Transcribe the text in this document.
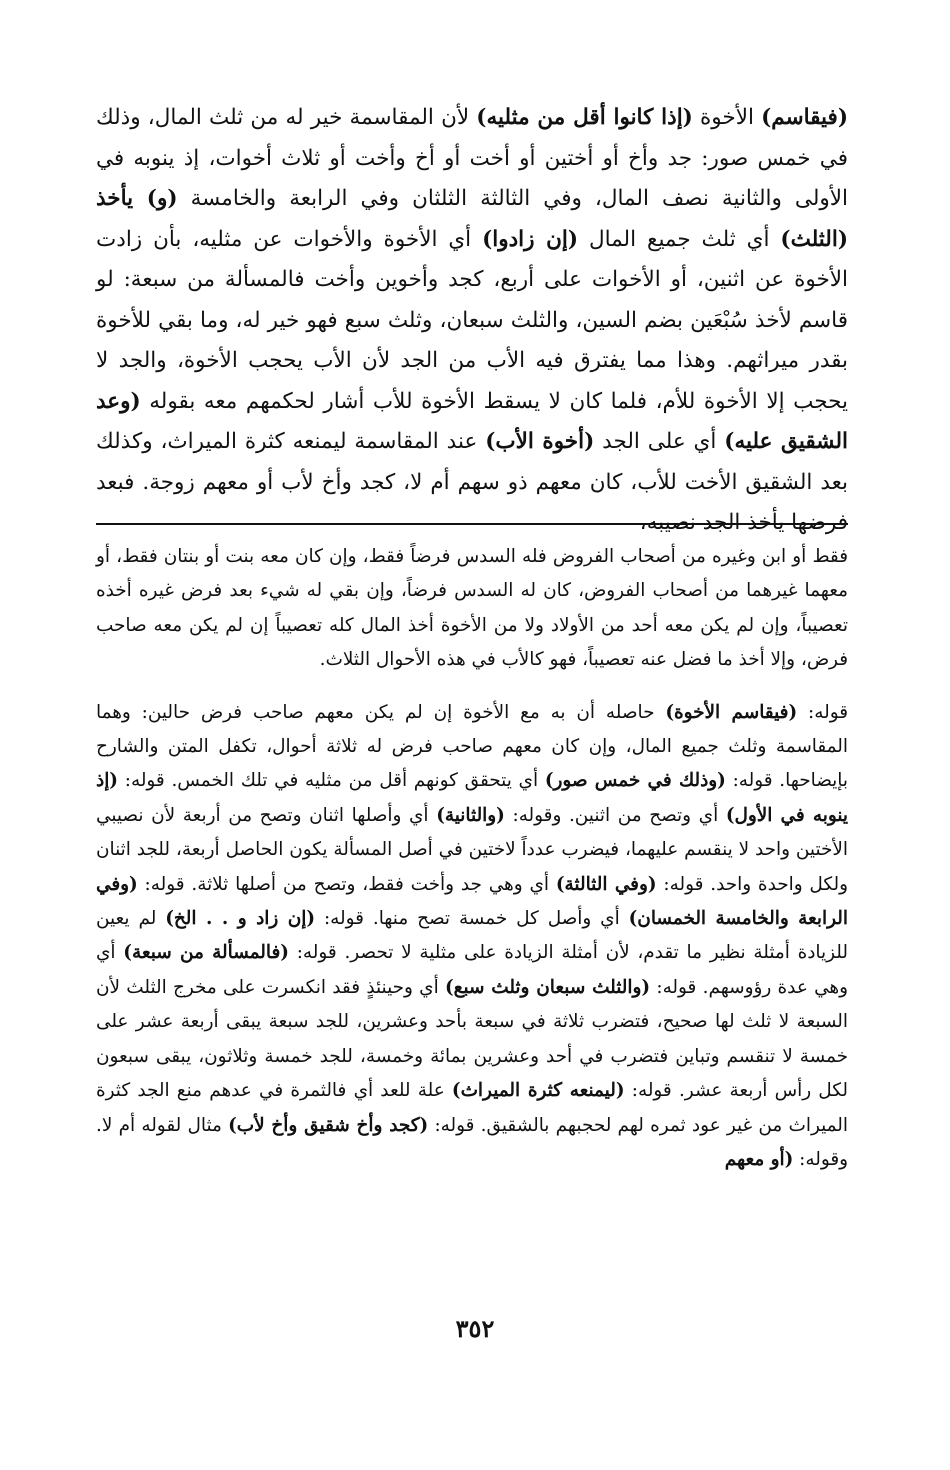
(فيقاسم) الأخوة (إذا كانوا أقل من مثليه) لأن المقاسمة خير له من ثلث المال، وذلك في خمس صور: جد وأخ أو أختين أو أخت أو أخ وأخت أو ثلاث أخوات، إذ ينوبه في الأولى والثانية نصف المال، وفي الثالثة الثلثان وفي الرابعة والخامسة (و) يأخذ (الثلث) أي ثلث جميع المال (إن زادوا) أي الأخوة والأخوات عن مثليه، بأن زادت الأخوة عن اثنين، أو الأخوات على أربع، كجد وأخوين وأخت فالمسألة من سبعة: لو قاسم لأخذ سُبْعَين بضم السين، والثلث سبعان، وثلث سبع فهو خير له، وما بقي للأخوة بقدر ميراثهم. وهذا مما يفترق فيه الأب من الجد لأن الأب يحجب الأخوة، والجد لا يحجب إلا الأخوة للأم، فلما كان لا يسقط الأخوة للأب أشار لحكمهم معه بقوله (وعد الشقيق عليه) أي على الجد (أخوة الأب) عند المقاسمة ليمنعه كثرة الميراث، وكذلك بعد الشقيق الأخت للأب، كان معهم ذو سهم أم لا، كجد وأخ لأب أو معهم زوجة. فبعد فرضها يأخذ الجد نصيبه،

فقط أو ابن وغيره من أصحاب الفروض فله السدس فرضاً فقط، وإن كان معه بنت أو بنتان فقط، أو معهما غيرهما من أصحاب الفروض، كان له السدس فرضاً، وإن بقي له شيء بعد فرض غيره أخذه تعصيباً، وإن لم يكن معه أحد من الأولاد ولا من الأخوة أخذ المال كله تعصيباً إن لم يكن معه صاحب فرض، وإلا أخذ ما فضل عنه تعصيباً، فهو كالأب في هذه الأحوال الثلاث.

قوله: (فيقاسم الأخوة) حاصله أن به مع الأخوة إن لم يكن معهم صاحب فرض حالين: وهما المقاسمة وثلث جميع المال، وإن كان معهم صاحب فرض له ثلاثة أحوال، تكفل المتن والشارح بإيضاحها. قوله: (وذلك في خمس صور) أي يتحقق كونهم أقل من مثليه في تلك الخمس. قوله: (إذ ينوبه في الأول) أي وتصح من اثنين. وقوله: (والثانية) أي وأصلها اثنان وتصح من أربعة لأن نصيبي الأختين واحد لا ينقسم عليهما، فيضرب عدداً لاختين في أصل المسألة يكون الحاصل أربعة، للجد اثنان ولكل واحدة واحد. قوله: (وفي الثالثة) أي وهي جد وأخت فقط، وتصح من أصلها ثلاثة. قوله: (وفي الرابعة والخامسة الخمسان) أي وأصل كل خمسة تصح منها. قوله: (إن زاد و . . الخ) لم يعين للزيادة أمثلة نظير ما تقدم، لأن أمثلة الزيادة على مثلية لا تحصر. قوله: (فالمسألة من سبعة) أي وهي عدة رؤوسهم. قوله: (والثلث سبعان وثلث سبع) أي وحينئذٍ فقد انكسرت على مخرج الثلث لأن السبعة لا ثلث لها صحيح، فتضرب ثلاثة في سبعة بأحد وعشرين، للجد سبعة يبقى أربعة عشر على خمسة لا تنقسم وتباين فتضرب في أحد وعشرين بمائة وخمسة، للجد خمسة وثلاثون، يبقى سبعون لكل رأس أربعة عشر. قوله: (ليمنعه كثرة الميراث) علة للعد أي فالثمرة في عدهم منع الجد كثرة الميراث من غير عود ثمره لهم لحجبهم بالشقيق. قوله: (كجد وأخ شقيق وأخ لأب) مثال لقوله أم لا. وقوله: (أو معهم

٣٥٢
